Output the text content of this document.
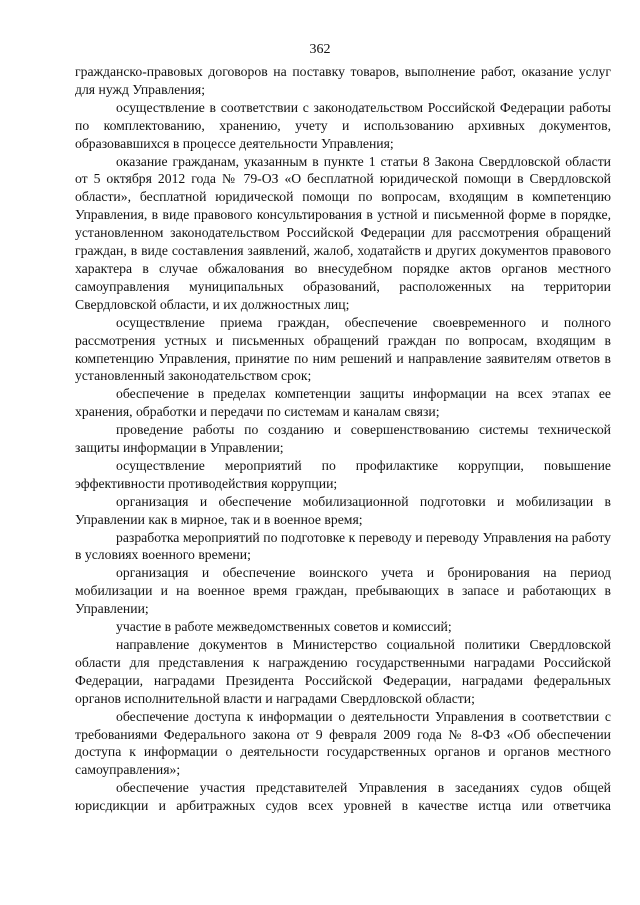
362

гражданско-правовых договоров на поставку товаров, выполнение работ, оказание услуг для нужд Управления;

осуществление в соответствии с законодательством Российской Федерации работы по комплектованию, хранению, учету и использованию архивных документов, образовавшихся в процессе деятельности Управления;

оказание гражданам, указанным в пункте 1 статьи 8 Закона Свердловской области от 5 октября 2012 года № 79-ОЗ «О бесплатной юридической помощи в Свердловской области», бесплатной юридической помощи по вопросам, входящим в компетенцию Управления, в виде правового консультирования в устной и письменной форме в порядке, установленном законодательством Российской Федерации для рассмотрения обращений граждан, в виде составления заявлений, жалоб, ходатайств и других документов правового характера в случае обжалования во внесудебном порядке актов органов местного самоуправления муниципальных образований, расположенных на территории Свердловской области, и их должностных лиц;

осуществление приема граждан, обеспечение своевременного и полного рассмотрения устных и письменных обращений граждан по вопросам, входящим в компетенцию Управления, принятие по ним решений и направление заявителям ответов в установленный законодательством срок;

обеспечение в пределах компетенции защиты информации на всех этапах ее хранения, обработки и передачи по системам и каналам связи;

проведение работы по созданию и совершенствованию системы технической защиты информации в Управлении;

осуществление мероприятий по профилактике коррупции, повышение эффективности противодействия коррупции;

организация и обеспечение мобилизационной подготовки и мобилизации в Управлении как в мирное, так и в военное время;

разработка мероприятий по подготовке к переводу и переводу Управления на работу в условиях военного времени;

организация и обеспечение воинского учета и бронирования на период мобилизации и на военное время граждан, пребывающих в запасе и работающих в Управлении;

участие в работе межведомственных советов и комиссий;

направление документов в Министерство социальной политики Свердловской области для представления к награждению государственными наградами Российской Федерации, наградами Президента Российской Федерации, наградами федеральных органов исполнительной власти и наградами Свердловской области;

обеспечение доступа к информации о деятельности Управления в соответствии с требованиями Федерального закона от 9 февраля 2009 года № 8-ФЗ «Об обеспечении доступа к информации о деятельности государственных органов и органов местного самоуправления»;

обеспечение участия представителей Управления в заседаниях судов общей юрисдикции и арбитражных судов всех уровней в качестве истца или ответчика
